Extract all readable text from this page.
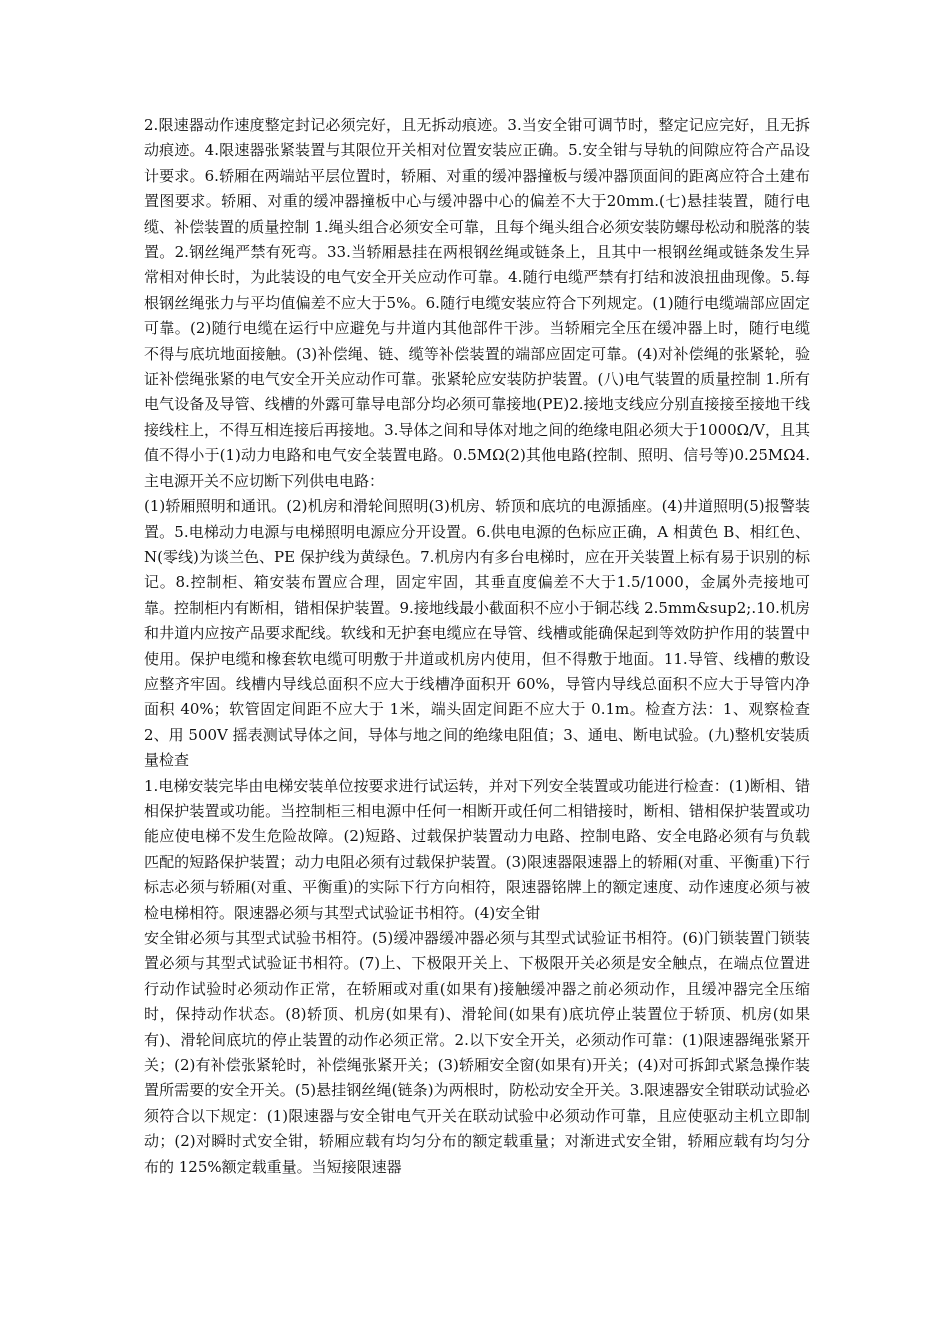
2.限速器动作速度整定封记必须完好，且无拆动痕迹。3.当安全钳可调节时，整定记应完好，且无拆动痕迹。4.限速器张紧装置与其限位开关相对位置安装应正确。5.安全钳与导轨的间隙应符合产品设计要求。6.轿厢在两端站平层位置时，轿厢、对重的缓冲器撞板与缓冲器顶面间的距离应符合土建布置图要求。轿厢、对重的缓冲器撞板中心与缓冲器中心的偏差不大于20mm.(七)悬挂装置，随行电缆、补偿装置的质量控制 1.绳头组合必须安全可靠，且每个绳头组合必须安装防螺母松动和脱落的装置。2.钢丝绳严禁有死弯。33.当轿厢悬挂在两根钢丝绳或链条上，且其中一根钢丝绳或链条发生异常相对伸长时，为此装设的电气安全开关应动作可靠。4.随行电缆严禁有打结和波浪扭曲现像。5.每根钢丝绳张力与平均值偏差不应大于5%。6.随行电缆安装应符合下列规定。(1)随行电缆端部应固定可靠。(2)随行电缆在运行中应避免与井道内其他部件干涉。当轿厢完全压在缓冲器上时，随行电缆不得与底坑地面接触。(3)补偿绳、链、缆等补偿装置的端部应固定可靠。(4)对补偿绳的张紧轮，验证补偿绳张紧的电气安全开关应动作可靠。张紧轮应安装防护装置。(八)电气装置的质量控制 1.所有电气设备及导管、线槽的外露可靠导电部分均必须可靠接地(PE)2.接地支线应分别直接接至接地干线接线柱上，不得互相连接后再接地。3.导体之间和导体对地之间的绝缘电阻必须大于1000Ω/V，且其值不得小于(1)动力电路和电气安全装置电路。0.5MΩ(2)其他电路(控制、照明、信号等)0.25MΩ4.主电源开关不应切断下列供电电路：

(1)轿厢照明和通讯。(2)机房和滑轮间照明(3)机房、轿顶和底坑的电源插座。(4)井道照明(5)报警装置。5.电梯动力电源与电梯照明电源应分开设置。6.供电电源的色标应正确，A 相黄色 B、相红色、N(零线)为谈兰色、PE 保护线为黄绿色。7.机房内有多台电梯时，应在开关装置上标有易于识别的标记。8.控制柜、箱安装布置应合理，固定牢固，其垂直度偏差不大于1.5/1000，金属外壳接地可靠。控制柜内有断相，错相保护装置。9.接地线最小截面积不应小于铜芯线 2.5mm&sup2;.10.机房和井道内应按产品要求配线。软线和无护套电缆应在导管、线槽或能确保起到等效防护作用的装置中使用。保护电缆和橡套软电缆可明敷于井道或机房内使用，但不得敷于地面。11.导管、线槽的敷设应整齐牢固。线槽内导线总面积不应大于线槽净面积开 60%，导管内导线总面积不应大于导管内净面积 40%；软管固定间距不应大于 1米，端头固定间距不应大于 0.1m。检查方法：1、观察检查 2、用 500V 摇表测试导体之间，导体与地之间的绝缘电阻值；3、通电、断电试验。(九)整机安装质量检查

1.电梯安装完毕由电梯安装单位按要求进行试运转，并对下列安全装置或功能进行检查：(1)断相、错相保护装置或功能。当控制柜三相电源中任何一相断开或任何二相错接时，断相、错相保护装置或功能应使电梯不发生危险故障。(2)短路、过载保护装置动力电路、控制电路、安全电路必须有与负载匹配的短路保护装置；动力电阻必须有过载保护装置。(3)限速器限速器上的轿厢(对重、平衡重)下行标志必须与轿厢(对重、平衡重)的实际下行方向相符，限速器铭牌上的额定速度、动作速度必须与被检电梯相符。限速器必须与其型式试验证书相符。(4)安全钳

安全钳必须与其型式试验书相符。(5)缓冲器缓冲器必须与其型式试验证书相符。(6)门锁装置门锁装置必须与其型式试验证书相符。(7)上、下极限开关上、下极限开关必须是安全触点，在端点位置进行动作试验时必须动作正常，在轿厢或对重(如果有)接触缓冲器之前必须动作，且缓冲器完全压缩时，保持动作状态。(8)轿顶、机房(如果有)、滑轮间(如果有)底坑停止装置位于轿顶、机房(如果有)、滑轮间底坑的停止装置的动作必须正常。2.以下安全开关，必须动作可靠：(1)限速器绳张紧开关；(2)有补偿张紧轮时，补偿绳张紧开关；(3)轿厢安全窗(如果有)开关；(4)对可拆卸式紧急操作装置所需要的安全开关。(5)悬挂钢丝绳(链条)为两根时，防松动安全开关。3.限速器安全钳联动试验必须符合以下规定：(1)限速器与安全钳电气开关在联动试验中必须动作可靠，且应使驱动主机立即制动；(2)对瞬时式安全钳，轿厢应载有均匀分布的额定载重量；对渐进式安全钳，轿厢应载有均匀分布的 125%额定载重量。当短接限速器
